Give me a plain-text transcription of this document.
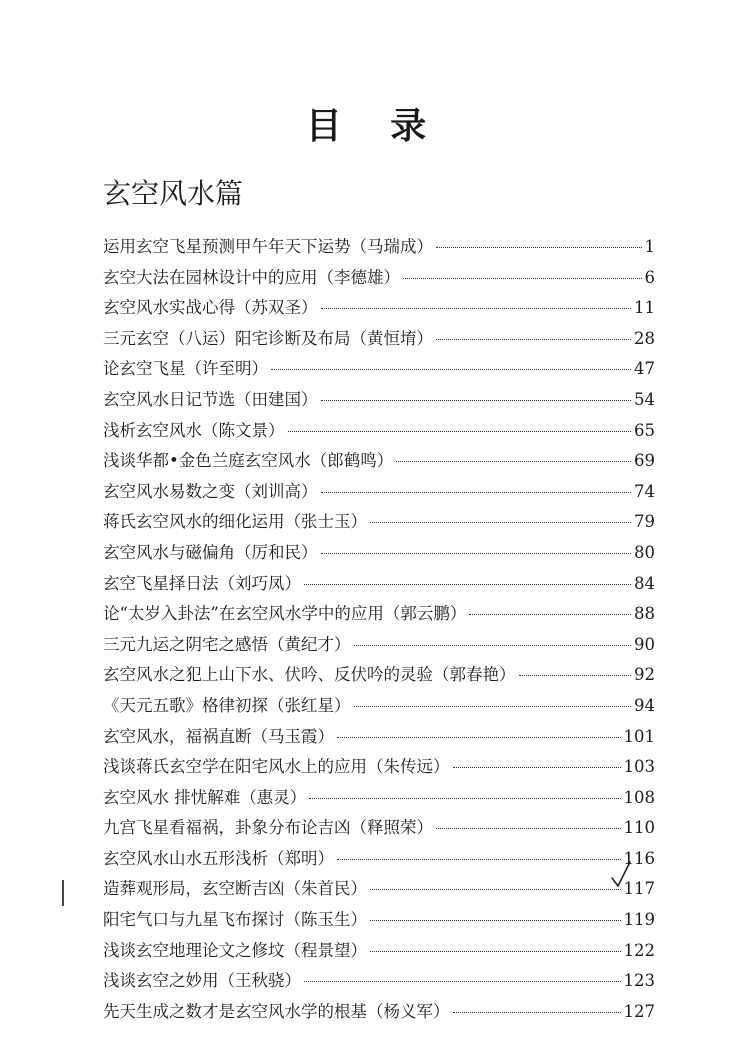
目 录
玄空风水篇
运用玄空飞星预测甲午年天下运势（马瑞成）	1
玄空大法在园林设计中的应用（李德雄）	6
玄空风水实战心得（苏双圣）	11
三元玄空（八运）阳宅诊断及布局（黄恒堉）	28
论玄空飞星（许至明）	47
玄空风水日记节选（田建国）	54
浅析玄空风水（陈文景）	65
浅谈华都•金色兰庭玄空风水（郎鹤鸣）	69
玄空风水易数之变（刘训高）	74
蒋氏玄空风水的细化运用（张士玉）	79
玄空风水与磁偏角（厉和民）	80
玄空飞星择日法（刘巧凤）	84
论“太岁入卦法”在玄空风水学中的应用（郭云鹏）	88
三元九运之阴宅之感悟（黄纪才）	90
玄空风水之犯上山下水、伏吟、反伏吟的灵验（郭春艳）	92
《天元五歌》格律初探（张红星）	94
玄空风水，福祸直断（马玉霞）	101
浅谈蒋氏玄空学在阳宅风水上的应用（朱传远）	103
玄空风水 排忧解难（惠灵）	108
九宫飞星看福祸，卦象分布论吉凶（释照荣）	110
玄空风水山水五形浅析（郑明）	116
造葬观形局，玄空断吉凶（朱首民）	117
阳宅气口与九星飞布探讨（陈玉生）	119
浅谈玄空地理论文之修坟（程景望）	122
浅谈玄空之妙用（王秋骁）	123
先天生成之数才是玄空风水学的根基（杨义军）	127
